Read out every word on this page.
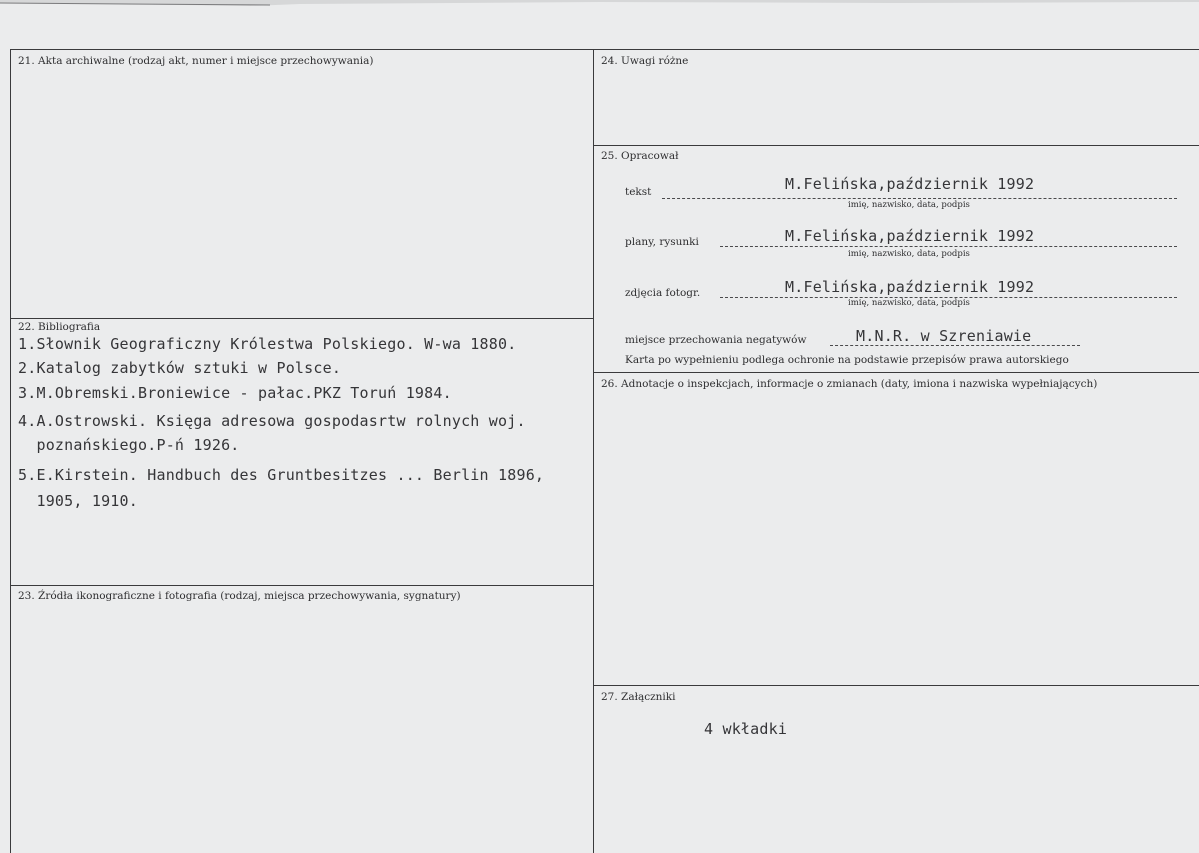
21. Akta archiwalne (rodzaj akt, numer i miejsce przechowywania)
22. Bibliografia
1.Słownik Geograficzny Królestwa Polskiego. W-wa 1880.
2.Katalog zabytków sztuki w Polsce.
3.M.Obremski.Broniewice - pałac.PKZ Toruń 1984.
4.A.Ostrowski. Księga adresowa gospodasrtw rolnych woj.
poznańskiego.P-ń 1926.
5.E.Kirstein. Handbuch des Gruntbesitzes ... Berlin 1896,
1905, 1910.
23. Źródła ikonograficzne i fotografia (rodzaj, miejsca przechowywania, sygnatury)
24. Uwagi różne
25. Opracował
tekst	M.Felińska,październik 1992
imię, nazwisko, data, podpis
plany, rysunki	M.Felińska,październik 1992
imię, nazwisko, data, podpis
zdjęcia fotogr.	M.Felińska,październik 1992
imię, nazwisko, data, podpis
miejsce przechowania negatywów	M.N.R. w Szreniawie
Karta po wypełnieniu podlega ochronie na podstawie przepisów prawa autorskiego
26. Adnotacje o inspekcjach, informacje o zmianach (daty, imiona i nazwiska wypełniających)
27. Załączniki
4 wkładki
